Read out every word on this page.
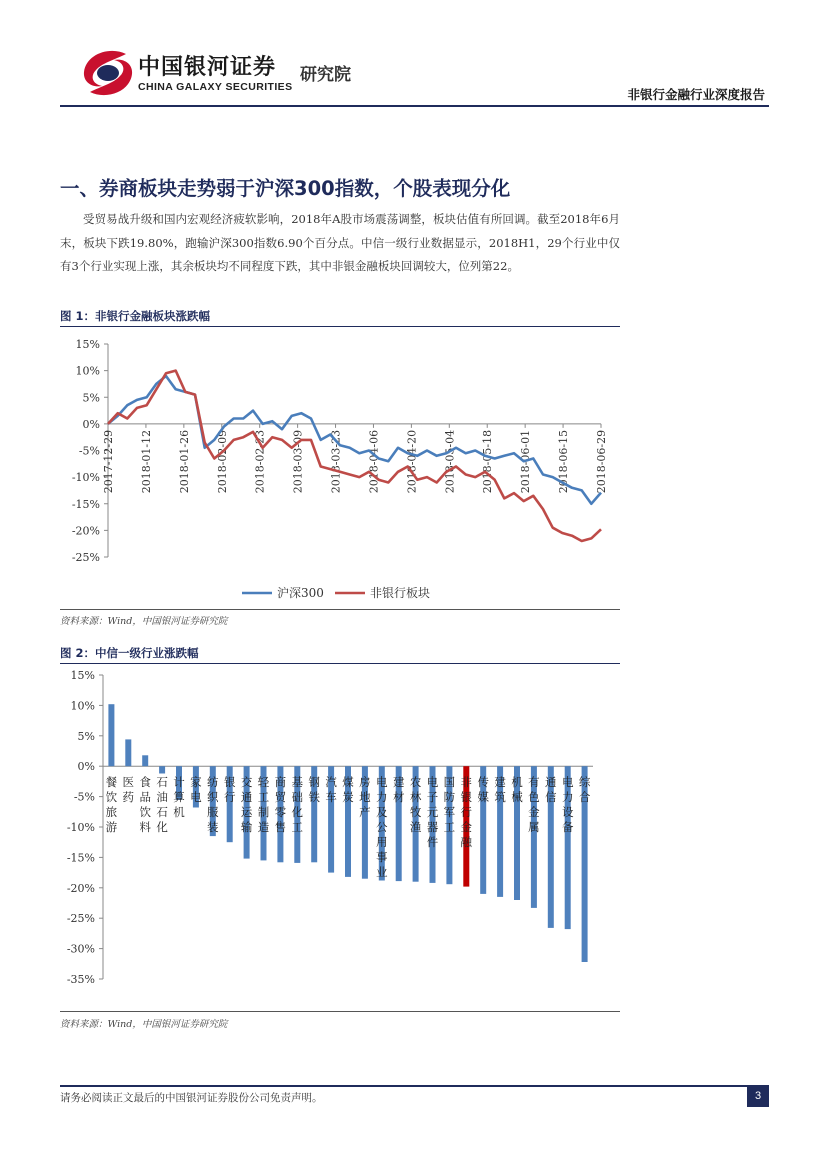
中国银河证券 研究院
CHINA GALAXY SECURITIES	非银行金融行业深度报告
一、券商板块走势弱于沪深300指数，个股表现分化
受贸易战升级和国内宏观经济疲软影响，2018年A股市场震荡调整，板块估值有所回调。截至2018年6月末，板块下跌19.80%，跑输沪深300指数6.90个百分点。中信一级行业数据显示，2018H1，29个行业中仅有3个行业实现上涨，其余板块均不同程度下跌，其中非银金融板块回调较大，位列第22。
图 1：非银行金融板块涨跌幅
15%
10%
5%
0%
-5%
-10%
-15%
-20%
-25%
2017-12-29 2018-01-12 2018-01-26 2018-02-09 2018-02-23 2018-03-09 2018-03-23 2018-04-06 2018-04-20 2018-05-04 2018-05-18 2018-06-01 2018-06-15 2018-06-29
沪深300	非银行板块
资料来源：Wind，中国银河证券研究院
图 2：中信一级行业涨跌幅
15%
10%
5%
0%
-5%
-10%
-15%
-20%
-25%
-30%
-35%
餐饮旅游
医药
食品饮料
石油石化
计算机
家电
纺织服装
银行
交通运输
轻工制造
商贸零售
基础化工
钢铁
汽车
煤炭
房地产
电力及公用事业
建材
农林牧渔
电子元器件
国防军工
非银行金融
传媒
建筑
机械
有色金属
通信
电力设备
综合
资料来源：Wind，中国银河证券研究院
请务必阅读正文最后的中国银河证券股份公司免责声明。	3
